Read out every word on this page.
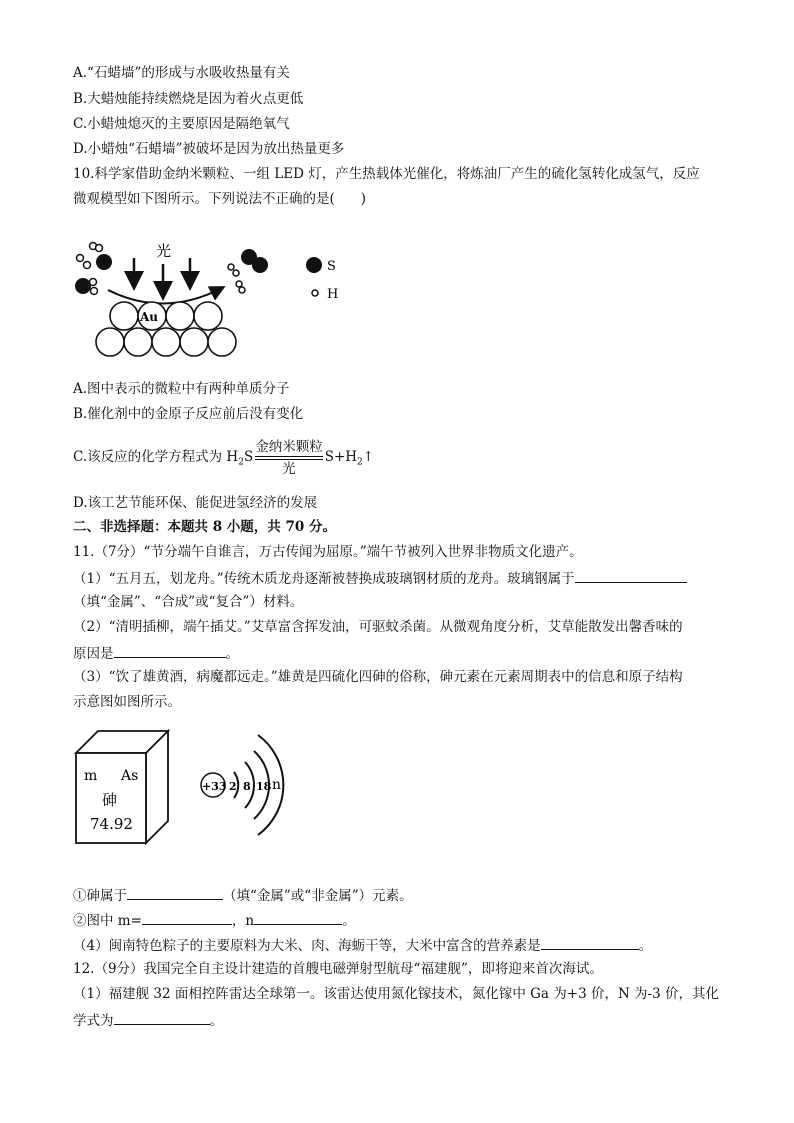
A.“石蜡墙”的形成与水吸收热量有关
B.大蜡烛能持续燃烧是因为着火点更低
C.小蜡烛熄灭的主要原因是隔绝氧气
D.小蜡烛“石蜡墙”被破坏是因为放出热量更多
10.科学家借助金纳米颗粒、一组 LED 灯，产生热载体光催化，将炼油厂产生的硫化氢转化成氢气，反应
微观模型如下图所示。下列说法不正确的是( )
光
Au
S
H
A.图中表示的微粒中有两种单质分子
B.催化剂中的金原子反应前后没有变化
C.该反应的化学方程式为 $H_2S$
金纳米颗粒
光
$S+H_2↑$
D.该工艺节能环保、能促进氢经济的发展
二、非选择题：本题共 8 小题，共 70 分。
11.（7分）“节分端午自谁言，万古传闻为屈原。”端午节被列入世界非物质文化遗产。
（1）“五月五，划龙舟。”传统木质龙舟逐渐被替换成玻璃钢材质的龙舟。玻璃钢属于
（填“金属”、“合成”或“复合”）材料。
（2）“清明插柳，端午插艾。”艾草富含挥发油，可驱蚊杀菌。从微观角度分析，艾草能散发出馨香味的
原因是	。
（3）“饮了雄黄酒，病魔都远走。”雄黄是四硫化四砷的俗称，砷元素在元素周期表中的信息和原子结构
示意图如图所示。
m As
砷
74.92
+33 2 8 18 n
①砷属于	（填“金属”或“非金属”）元素。
②图中 m=	，n	。
（4）闽南特色粽子的主要原料为大米、肉、海蛎干等，大米中富含的营养素是	。
12.（9分）我国完全自主设计建造的首艘电磁弹射型航母“福建舰”，即将迎来首次海试。
（1）福建舰 32 面相控阵雷达全球第一。该雷达使用氮化镓技术，氮化镓中 Ga 为+3 价，N 为-3 价，其化
学式为	。
